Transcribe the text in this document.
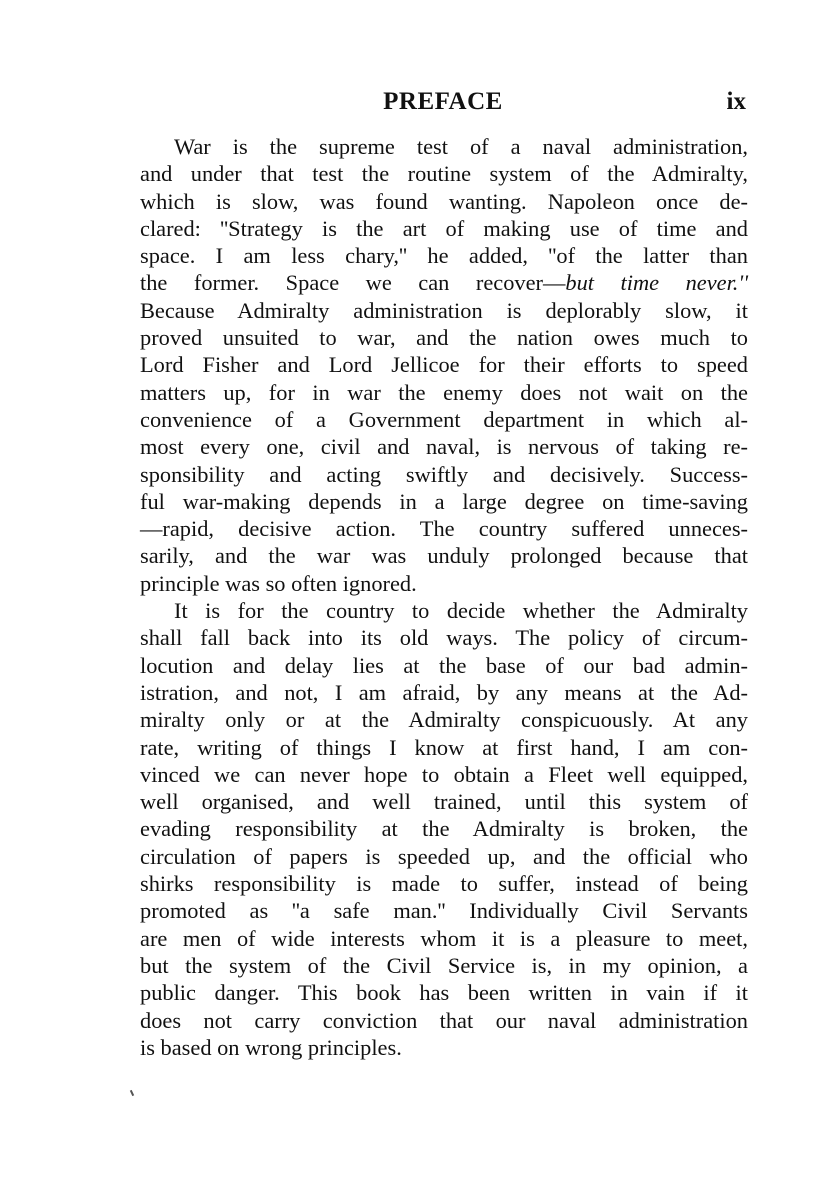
PREFACE	ix
War is the supreme test of a naval administration,
and under that test the routine system of the Admiralty,
which is slow, was found wanting. Napoleon once de-
clared: ''Strategy is the art of making use of time and
space. I am less chary,'' he added, ''of the latter than
the former. Space we can recover—but time never.''
Because Admiralty administration is deplorably slow, it
proved unsuited to war, and the nation owes much to
Lord Fisher and Lord Jellicoe for their efforts to speed
matters up, for in war the enemy does not wait on the
convenience of a Government department in which al-
most every one, civil and naval, is nervous of taking re-
sponsibility and acting swiftly and decisively. Success-
ful war-making depends in a large degree on time-saving
—rapid, decisive action. The country suffered unneces-
sarily, and the war was unduly prolonged because that
principle was so often ignored.
It is for the country to decide whether the Admiralty
shall fall back into its old ways. The policy of circum-
locution and delay lies at the base of our bad admin-
istration, and not, I am afraid, by any means at the Ad-
miralty only or at the Admiralty conspicuously. At any
rate, writing of things I know at first hand, I am con-
vinced we can never hope to obtain a Fleet well equipped,
well organised, and well trained, until this system of
evading responsibility at the Admiralty is broken, the
circulation of papers is speeded up, and the official who
shirks responsibility is made to suffer, instead of being
promoted as ''a safe man.'' Individually Civil Servants
are men of wide interests whom it is a pleasure to meet,
but the system of the Civil Service is, in my opinion, a
public danger. This book has been written in vain if it
does not carry conviction that our naval administration
is based on wrong principles.
